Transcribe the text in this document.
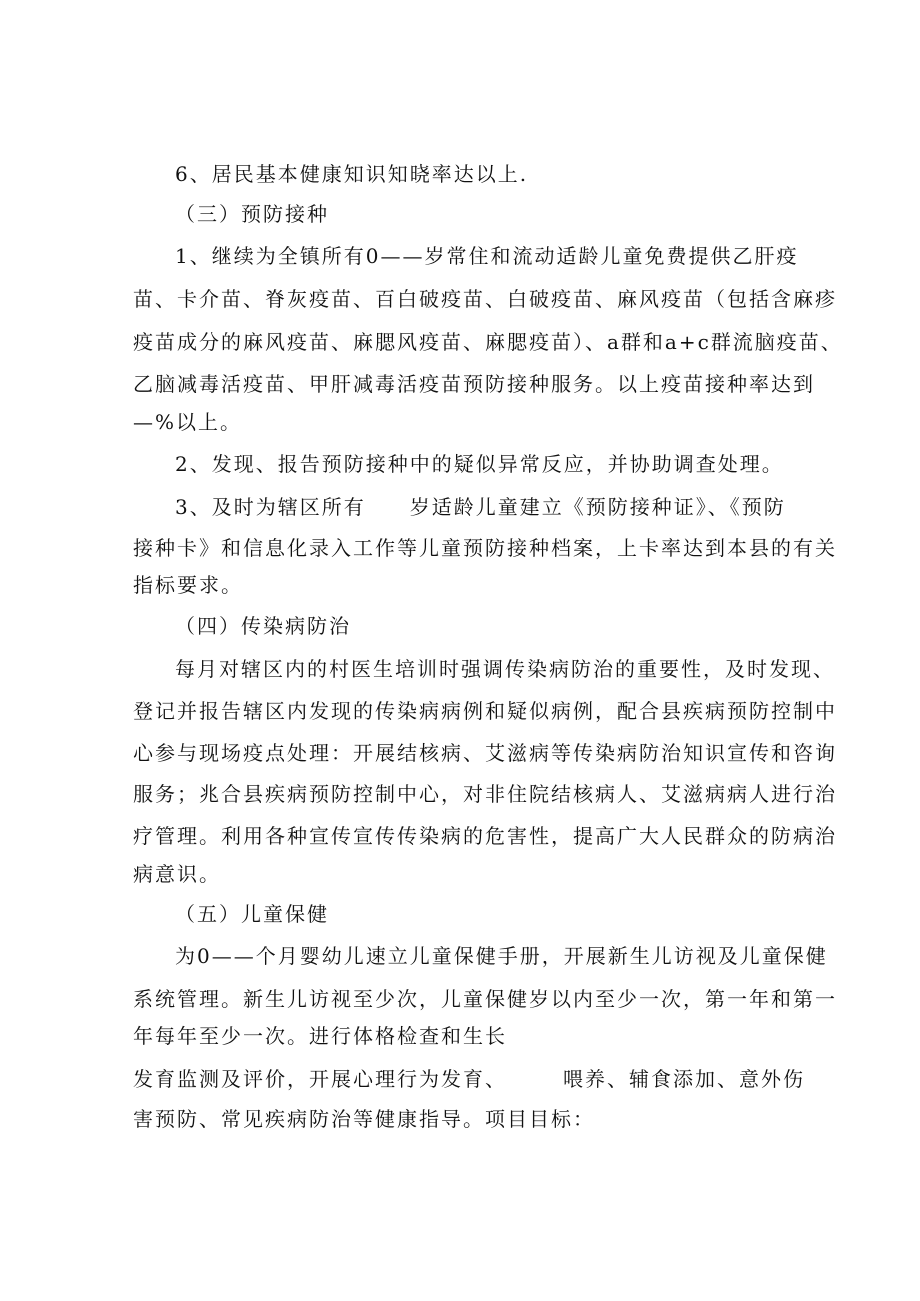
6、居民基本健康知识知晓率达以上.
（三）预防接种
1、继续为全镇所有0——岁常住和流动适龄儿童免费提供乙肝疫
苗、卡介苗、脊灰疫苗、百白破疫苗、白破疫苗、麻风疫苗（包括含麻疹
疫苗成分的麻风疫苗、麻腮风疫苗、麻腮疫苗）、a群和a+c群流脑疫苗、
乙脑减毒活疫苗、甲肝减毒活疫苗预防接种服务。以上疫苗接种率达到
—%以上。
2、发现、报告预防接种中的疑似异常反应，并协助调查处理。
3、及时为辖区所有　　岁适龄儿童建立《预防接种证》、《预防
接种卡》和信息化录入工作等儿童预防接种档案，上卡率达到本县的有关
指标要求。
（四）传染病防治
每月对辖区内的村医生培训时强调传染病防治的重要性，及时发现、
登记并报告辖区内发现的传染病病例和疑似病例，配合县疾病预防控制中
心参与现场疫点处理：开展结核病、艾滋病等传染病防治知识宣传和咨询
服务；兆合县疾病预防控制中心，对非住院结核病人、艾滋病病人进行治
疗管理。利用各种宣传宣传传染病的危害性，提高广大人民群众的防病治
病意识。
（五）儿童保健
为0——个月婴幼儿速立儿童保健手册，开展新生儿访视及儿童保健
系统管理。新生儿访视至少次，儿童保健岁以内至少一次，第一年和第一
年每年至少一次。进行体格检查和生长
发育监测及评价，开展心理行为发育、　　　喂养、辅食添加、意外伤
害预防、常见疾病防治等健康指导。项目目标：
